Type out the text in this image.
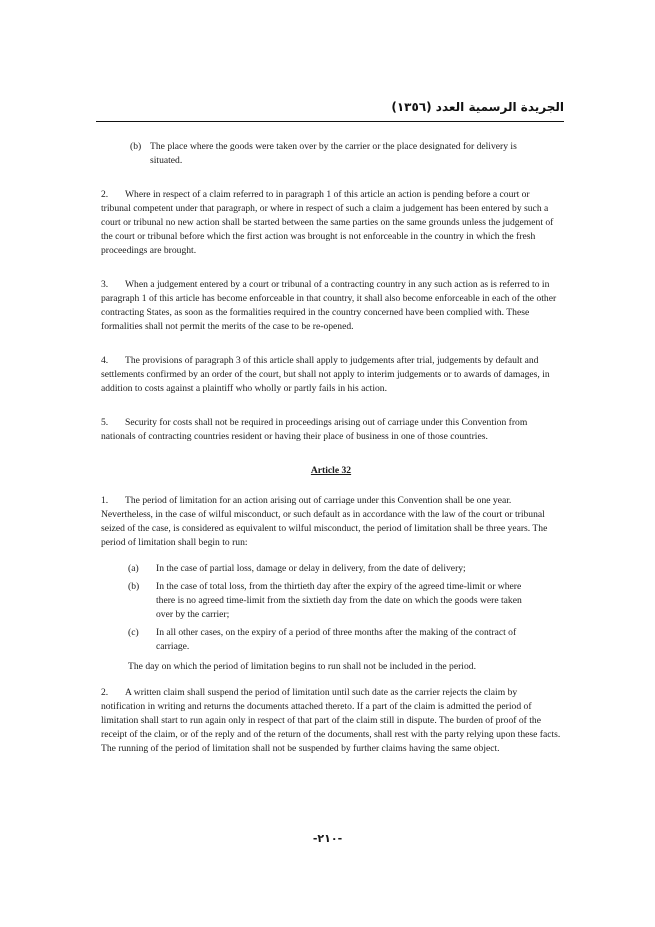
الجريدة الرسمية العدد (١٣٥٦)
(b) The place where the goods were taken over by the carrier or the place designated for delivery is situated.

2. Where in respect of a claim referred to in paragraph 1 of this article an action is pending before a court or tribunal competent under that paragraph, or where in respect of such a claim a judgement has been entered by such a court or tribunal no new action shall be started between the same parties on the same grounds unless the judgement of the court or tribunal before which the first action was brought is not enforceable in the country in which the fresh proceedings are brought.

3. When a judgement entered by a court or tribunal of a contracting country in any such action as is referred to in paragraph 1 of this article has become enforceable in that country, it shall also become enforceable in each of the other contracting States, as soon as the formalities required in the country concerned have been complied with. These formalities shall not permit the merits of the case to be re-opened.

4. The provisions of paragraph 3 of this article shall apply to judgements after trial, judgements by default and settlements confirmed by an order of the court, but shall not apply to interim judgements or to awards of damages, in addition to costs against a plaintiff who wholly or partly fails in his action.

5. Security for costs shall not be required in proceedings arising out of carriage under this Convention from nationals of contracting countries resident or having their place of business in one of those countries.

Article 32

1. The period of limitation for an action arising out of carriage under this Convention shall be one year. Nevertheless, in the case of wilful misconduct, or such default as in accordance with the law of the court or tribunal seized of the case, is considered as equivalent to wilful misconduct, the period of limitation shall be three years. The period of limitation shall begin to run:

(a)	In the case of partial loss, damage or delay in delivery, from the date of delivery;
(b)	In the case of total loss, from the thirtieth day after the expiry of the agreed time-limit or where there is no agreed time-limit from the sixtieth day from the date on which the goods were taken over by the carrier;
(c)	In all other cases, on the expiry of a period of three months after the making of the contract of carriage.

The day on which the period of limitation begins to run shall not be included in the period.

2. A written claim shall suspend the period of limitation until such date as the carrier rejects the claim by notification in writing and returns the documents attached thereto. If a part of the claim is admitted the period of limitation shall start to run again only in respect of that part of the claim still in dispute. The burden of proof of the receipt of the claim, or of the reply and of the return of the documents, shall rest with the party relying upon these facts. The running of the period of limitation shall not be suspended by further claims having the same object.

-٢١٠-
